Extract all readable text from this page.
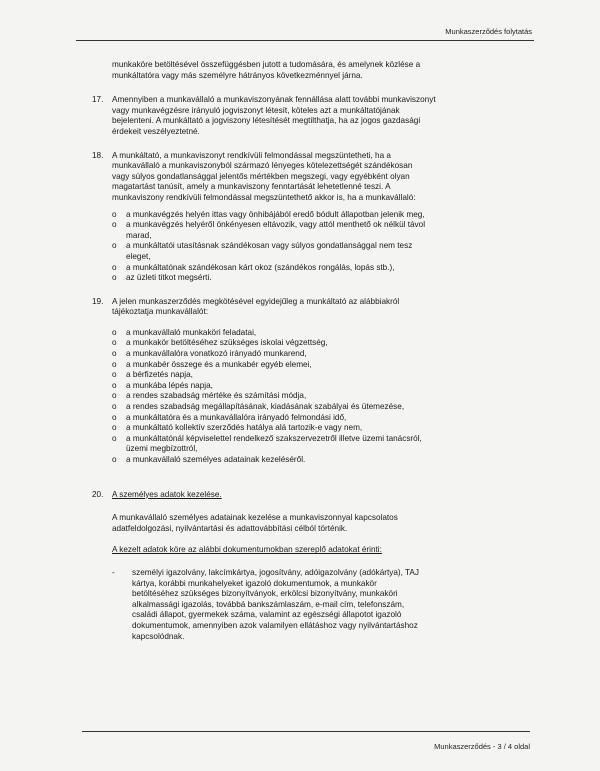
Munkaszerződés folytatás
munkaköre betöltésével összefüggésben jutott a tudomására, és amelynek közlése a
munkáltatóra vagy más személyre hátrányos következménnyel járna.
17.	Amennyiben a munkavállaló a munkaviszonyának fennállása alatt további munkaviszonyt
vagy munkavégzésre irányuló jogviszonyt létesít, köteles azt a munkáltatójának
bejelenteni. A munkáltató a jogviszony létesítését megtilthatja, ha az jogos gazdasági
érdekeit veszélyeztetné.
18.	A munkáltató, a munkaviszonyt rendkívüli felmondással megszüntetheti, ha a
munkavállaló a munkaviszonyból származó lényeges kötelezettségét szándékosan
vagy súlyos gondatlansággal jelentős mértékben megszegi, vagy egyébként olyan
magatartást tanúsít, amely a munkaviszony fenntartását lehetetlenné teszi. A
munkaviszony rendkívüli felmondással megszüntethető akkor is, ha a munkavállaló:
o	a munkavégzés helyén ittas vagy önhibájából eredő bódult állapotban jelenik meg,
o	a munkavégzés helyéről önkényesen eltávozik, vagy attól menthető ok nélkül távol
marad,
o	a munkáltatói utasításnak szándékosan vagy súlyos gondatlansággal nem tesz
eleget,
o	a munkáltatónak szándékosan kárt okoz (szándékos rongálás, lopás stb.),
o	az üzleti titkot megsérti.
19.	A jelen munkaszerződés megkötésével egyidejűleg a munkáltató az alábbiakról
tájékoztatja munkavállalót:
o	a munkavállaló munkaköri feladatai,
o	a munkakör betöltéséhez szükséges iskolai végzettség,
o	a munkavállalóra vonatkozó irányadó munkarend,
o	a munkabér összege és a munkabér egyéb elemei,
o	a bérfizetés napja,
o	a munkába lépés napja,
o	a rendes szabadság mértéke és számítási módja,
o	a rendes szabadság megállapításának, kiadásának szabályai és ütemezése,
o	a munkáltatóra és a munkavállalóra irányadó felmondási idő,
o	a munkáltató kollektív szerződés hatálya alá tartozik-e vagy nem,
o	a munkáltatónál képviselettel rendelkező szakszervezetről illetve üzemi tanácsról,
üzemi megbízottról,
o	a munkavállaló személyes adatainak kezeléséről.
20.	A személyes adatok kezelése.
A munkavállaló személyes adatainak kezelése a munkaviszonnyal kapcsolatos
adatfeldolgozási, nyilvántartási és adattovábbítási célból történik.
A kezelt adatok köre az alábbi dokumentumokban szereplő adatokat érinti:
-	személyi igazolvány, lakcímkártya, jogosítvány, adóigazolvány (adókártya), TAJ
kártya, korábbi munkahelyeket igazoló dokumentumok, a munkakör
betöltéséhez szükséges bizonyítványok, erkölcsi bizonyítvány, munkaköri
alkalmassági igazolás, továbbá bankszámlaszám, e-mail cím, telefonszám,
családi állapot, gyermekek száma, valamint az egészségi állapotot igazoló
dokumentumok, amennyiben azok valamilyen ellátáshoz vagy nyilvántartáshoz
kapcsolódnak.
Munkaszerződés - 3 / 4 oldal
